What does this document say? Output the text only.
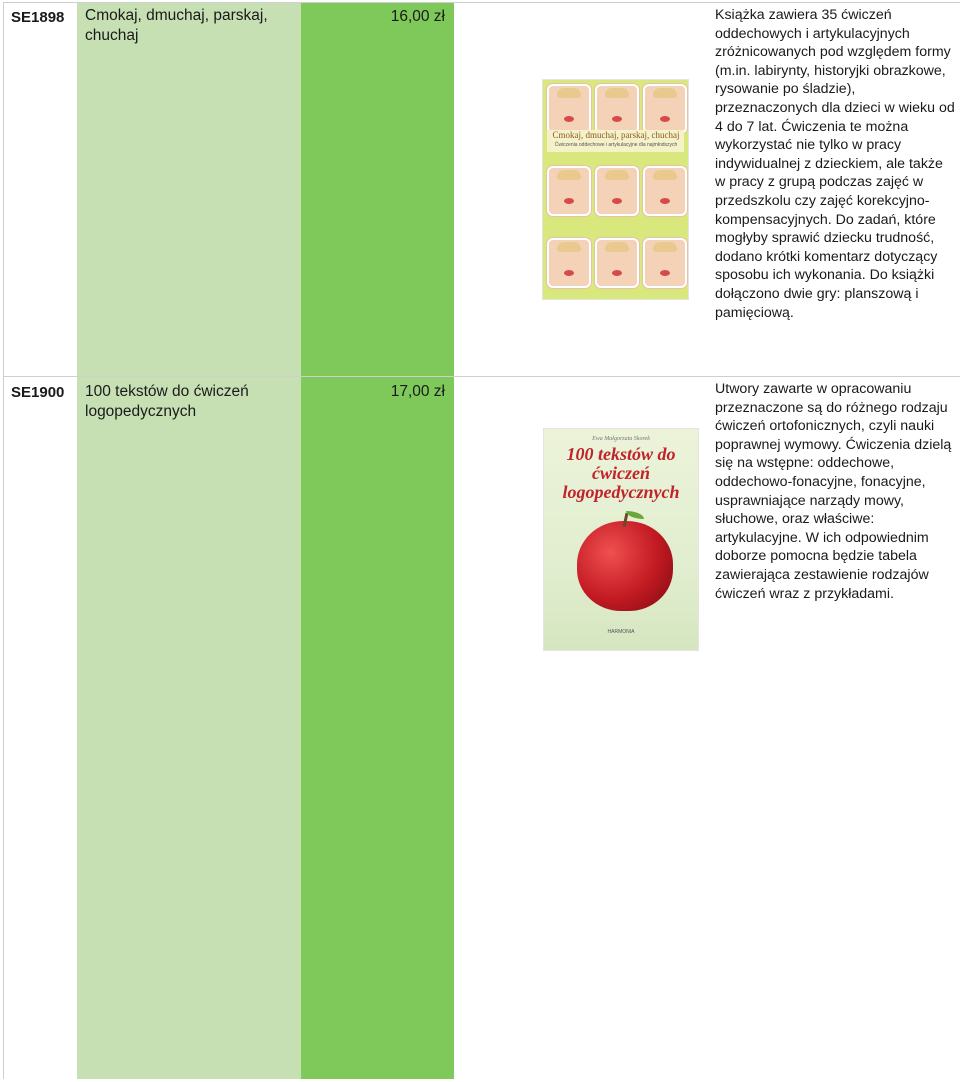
SE1898 Cmokaj, dmuchaj, parskaj, chuchaj
16,00 zł
Cmokaj, dmuchaj, parskaj, chuchaj
Ćwiczenia oddechowe i artykulacyjne dla najmłodszych
Książka zawiera 35 ćwiczeń oddechowych i artykulacyjnych zróżnicowanych pod względem formy (m.in. labirynty, historyjki obrazkowe, rysowanie po śladzie), przeznaczonych dla dzieci w wieku od 4 do 7 lat. Ćwiczenia te można wykorzystać nie tylko w pracy indywidualnej z dzieckiem, ale także w pracy z grupą podczas zajęć w przedszkolu czy zajęć korekcyjno-kompensacyjnych. Do zadań, które mogłyby sprawić dziecku trudność, dodano krótki komentarz dotyczący sposobu ich wykonania. Do książki dołączono dwie gry: planszową i pamięciową.
SE1900 100 tekstów do ćwiczeń logopedycznych
17,00 zł
Ewa Małgorzata Skorek
100 tekstów do ćwiczeń logopedycznych
HARMONIA
Utwory zawarte w opracowaniu przeznaczone są do różnego rodzaju ćwiczeń ortofonicznych, czyli nauki poprawnej wymowy. Ćwiczenia dzielą się na wstępne: oddechowe, oddechowo-fonacyjne, fonacyjne, usprawniające narządy mowy, słuchowe, oraz właściwe: artykulacyjne. W ich odpowiednim doborze pomocna będzie tabela zawierająca zestawienie rodzajów ćwiczeń wraz z przykładami.
